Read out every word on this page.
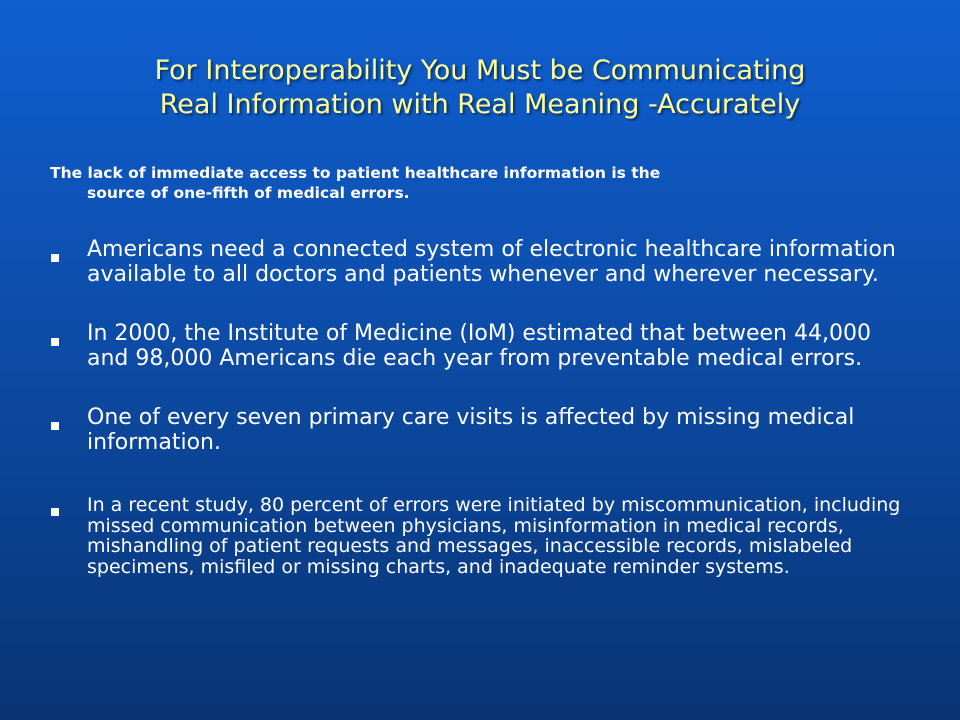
For Interoperability You Must be Communicating
Real Information with Real Meaning -Accurately
The lack of immediate access to patient healthcare information is the
source of one-fifth of medical errors.
Americans need a connected system of electronic healthcare information available to all doctors and patients whenever and wherever necessary.
In 2000, the Institute of Medicine (IoM) estimated that between 44,000 and 98,000 Americans die each year from preventable medical errors.
One of every seven primary care visits is affected by missing medical information.
In a recent study, 80 percent of errors were initiated by miscommunication, including missed communication between physicians, misinformation in medical records, mishandling of patient requests and messages, inaccessible records, mislabeled specimens, misfiled or missing charts, and inadequate reminder systems.
